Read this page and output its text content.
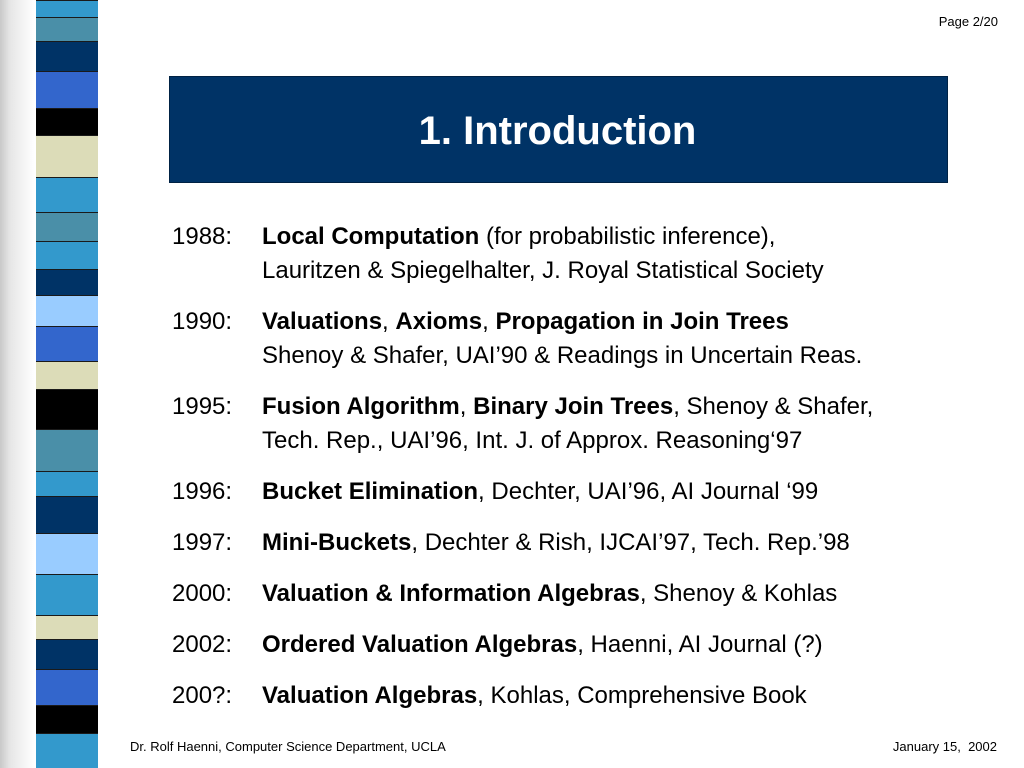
Page 2/20
1. Introduction
1988:	Local Computation (for probabilistic inference),
Lauritzen & Spiegelhalter, J. Royal Statistical Society
1990:	Valuations, Axioms, Propagation in Join Trees
Shenoy & Shafer, UAI’90 & Readings in Uncertain Reas.
1995:	Fusion Algorithm, Binary Join Trees, Shenoy & Shafer,
Tech. Rep., UAI’96, Int. J. of Approx. Reasoning‘97
1996:	Bucket Elimination, Dechter, UAI’96, AI Journal ‘99
1997:	Mini-Buckets, Dechter & Rish, IJCAI’97, Tech. Rep.’98
2000:	Valuation & Information Algebras, Shenoy & Kohlas
2002:	Ordered Valuation Algebras, Haenni, AI Journal (?)
200?:	Valuation Algebras, Kohlas, Comprehensive Book
Dr. Rolf Haenni, Computer Science Department, UCLA	January 15,  2002
